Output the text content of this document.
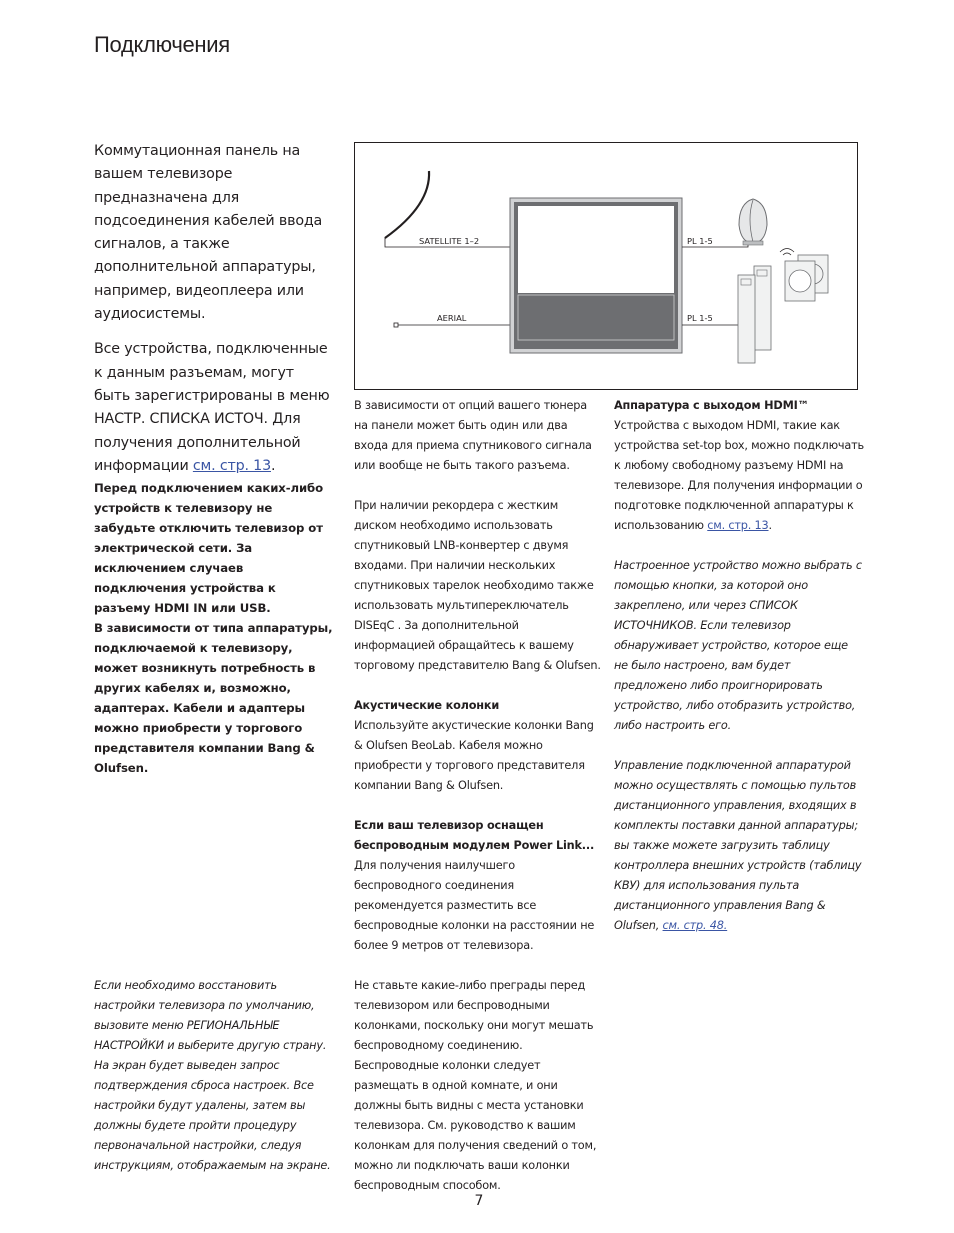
Подключения

Коммутационная панель на вашем телевизоре предназначена для подсоединения кабелей ввода сигналов, а также дополнительной аппаратуры, например, видеоплеера или аудиосистемы.

Все устройства, подключенные к данным разъемам, могут быть зарегистрированы в меню НАСТР. СПИСКА ИСТОЧ. Для получения дополнительной информации см. стр. 13.

Перед подключением каких-либо устройств к телевизору не забудьте отключить телевизор от электрической сети. За исключением случаев подключения устройства к разъему HDMI IN или USB.

В зависимости от типа аппаратуры, подключаемой к телевизору, может возникнуть потребность в других кабелях и, возможно, адаптерах. Кабели и адаптеры можно приобрести у торгового представителя компании Bang & Olufsen.

Если необходимо восстановить настройки телевизора по умолчанию, вызовите меню РЕГИОНАЛЬНЫЕ НАСТРОЙКИ и выберите другую страну. На экран будет выведен запрос подтверждения сброса настроек. Все настройки будут удалены, затем вы должны будете пройти процедуру первоначальной настройки, следуя инструкциям, отображаемым на экране.

SATELLITE 1–2
AERIAL
PL 1-5
PL 1-5

В зависимости от опций вашего тюнера на панели может быть один или два входа для приема спутникового сигнала или вообще не быть такого разъема.

При наличии рекордера с жестким диском необходимо использовать спутниковый LNB-конвертер с двумя входами. При наличии нескольких спутниковых тарелок необходимо также использовать мультипереключатель DISEqC . За дополнительной информацией обращайтесь к вашему торговому представителю Bang & Olufsen.

Акустические колонки
Используйте акустические колонки Bang & Olufsen BeoLab. Кабеля можно приобрести у торгового представителя компании Bang & Olufsen.

Если ваш телевизор оснащен беспроводным модулем Power Link...
Для получения наилучшего беспроводного соединения рекомендуется разместить все беспроводные колонки на расстоянии не более 9 метров от телевизора.

Не ставьте какие-либо преграды перед телевизором или беспроводными колонками, поскольку они могут мешать беспроводному соединению. Беспроводные колонки следует размещать в одной комнате, и они должны быть видны с места установки телевизора. См. руководство к вашим колонкам для получения сведений о том, можно ли подключать ваши колонки беспроводным способом.

Аппаратура с выходом HDMI™
Устройства с выходом HDMI, такие как устройства set-top box, можно подключать к любому свободному разъему HDMI на телевизоре. Для получения информации о подготовке подключенной аппаратуры к использованию см. стр. 13.

Настроенное устройство можно выбрать с помощью кнопки, за которой оно закреплено, или через СПИСОК ИСТОЧНИКОВ. Если телевизор обнаруживает устройство, которое еще не было настроено, вам будет предложено либо проигнорировать устройство, либо отобразить устройство, либо настроить его.

Управление подключенной аппаратурой можно осуществлять с помощью пультов дистанционного управления, входящих в комплекты поставки данной аппаратуры; вы также можете загрузить таблицу контроллера внешних устройств (таблицу КВУ) для использования пульта дистанционного управления Bang & Olufsen, см. стр. 48.

7
